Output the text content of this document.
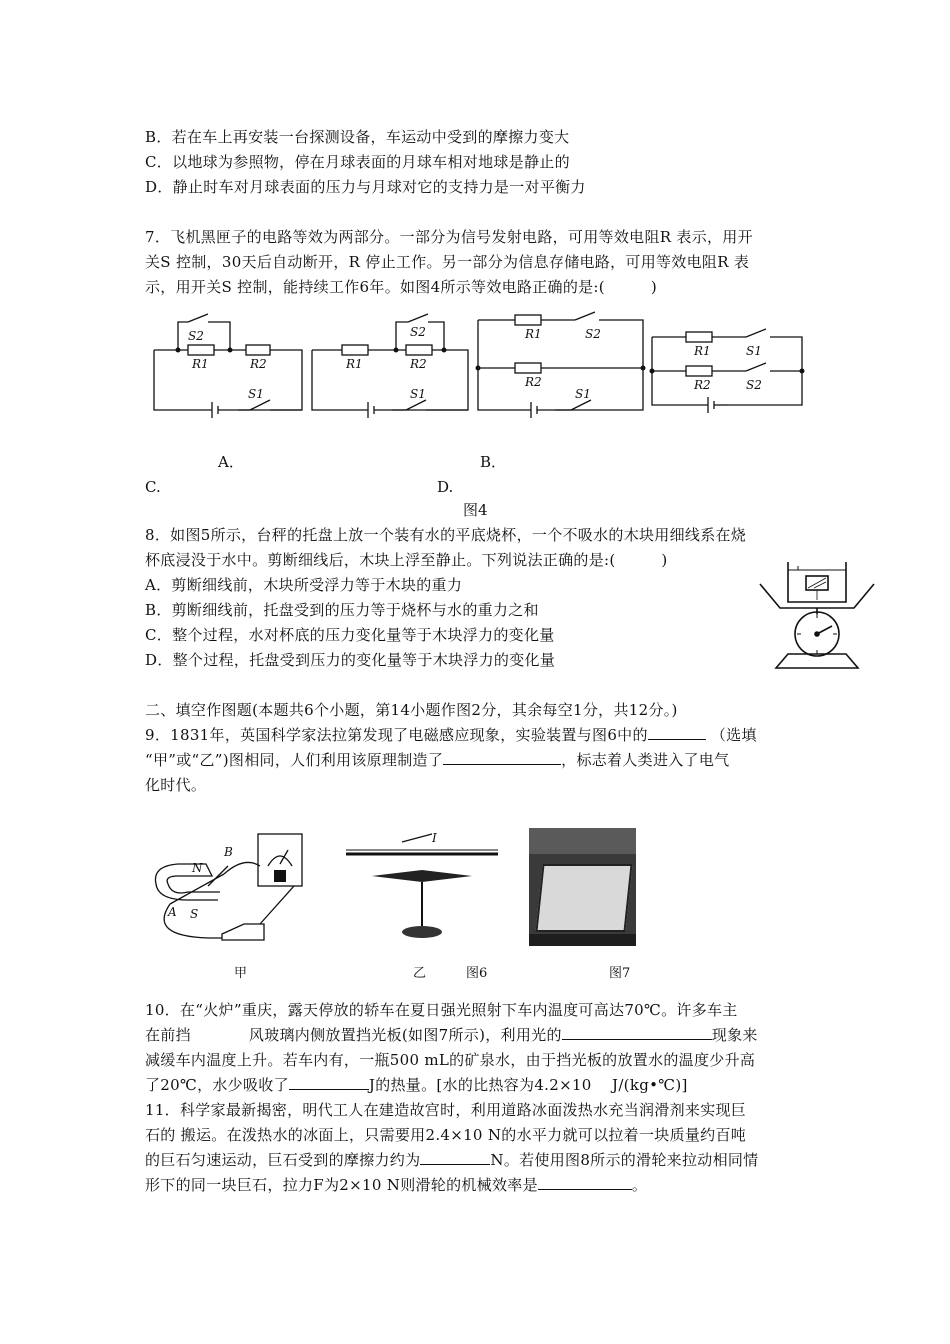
B．若在车上再安装一台探测设备，车运动中受到的摩擦力变大
C．以地球为参照物，停在月球表面的月球车相对地球是静止的
D．静止时车对月球表面的压力与月球对它的支持力是一对平衡力
7．飞机黑匣子的电路等效为两部分。一部分为信号发射电路，可用等效电阻R 表示，用开
关S 控制，30天后自动断开，R 停止工作。另一部分为信息存储电路，可用等效电阻R 表
示，用开关S 控制，能持续工作6年。如图4所示等效电路正确的是:(　　　)
S2
R1	R2
S1
S2
R1	R2
S1
R1	S2
R2
S1
R1	S1
R2	S2
A．	B．
C.	D.
图4
8．如图5所示，台秤的托盘上放一个装有水的平底烧杯，一个不吸水的木块用细线系在烧
杯底浸没于水中。剪断细线后，木块上浮至静止。下列说法正确的是:(　　　)
A．剪断细线前，木块所受浮力等于木块的重力
B．剪断细线前，托盘受到的压力等于烧杯与水的重力之和
C．整个过程，水对杯底的压力变化量等于木块浮力的变化量
D．整个过程，托盘受到压力的变化量等于木块浮力的变化量
二、填空作图题(本题共6个小题，第14小题作图2分，其余每空1分，共12分。)
9．1831年，英国科学家法拉第发现了电磁感应现象，实验装置与图6中的	（选填
“甲”或“乙”)图相同，人们利用该原理制造了	，标志着人类进入了电气
化时代。
N
B
A S
I
甲	乙	图6	图7
10．在“火炉”重庆，露天停放的轿车在夏日强光照射下车内温度可高达70℃。许多车主
在前挡	风玻璃内侧放置挡光板(如图7所示)，利用光的	现象来
减缓车内温度上升。若车内有，一瓶500 mL的矿泉水，由于挡光板的放置水的温度少升高
了20℃，水少吸收了	J的热量。[水的比热容为4.2×10　 J/(kg•℃)]
11．科学家最新揭密，明代工人在建造故宫时，利用道路冰面泼热水充当润滑剂来实现巨
石的 搬运。在泼热水的冰面上，只需要用2.4×10 N的水平力就可以拉着一块质量约百吨
的巨石匀速运动，巨石受到的摩擦力约为	N。若使用图8所示的滑轮来拉动相同情
形下的同一块巨石，拉力F为2×10 N则滑轮的机械效率是	。
